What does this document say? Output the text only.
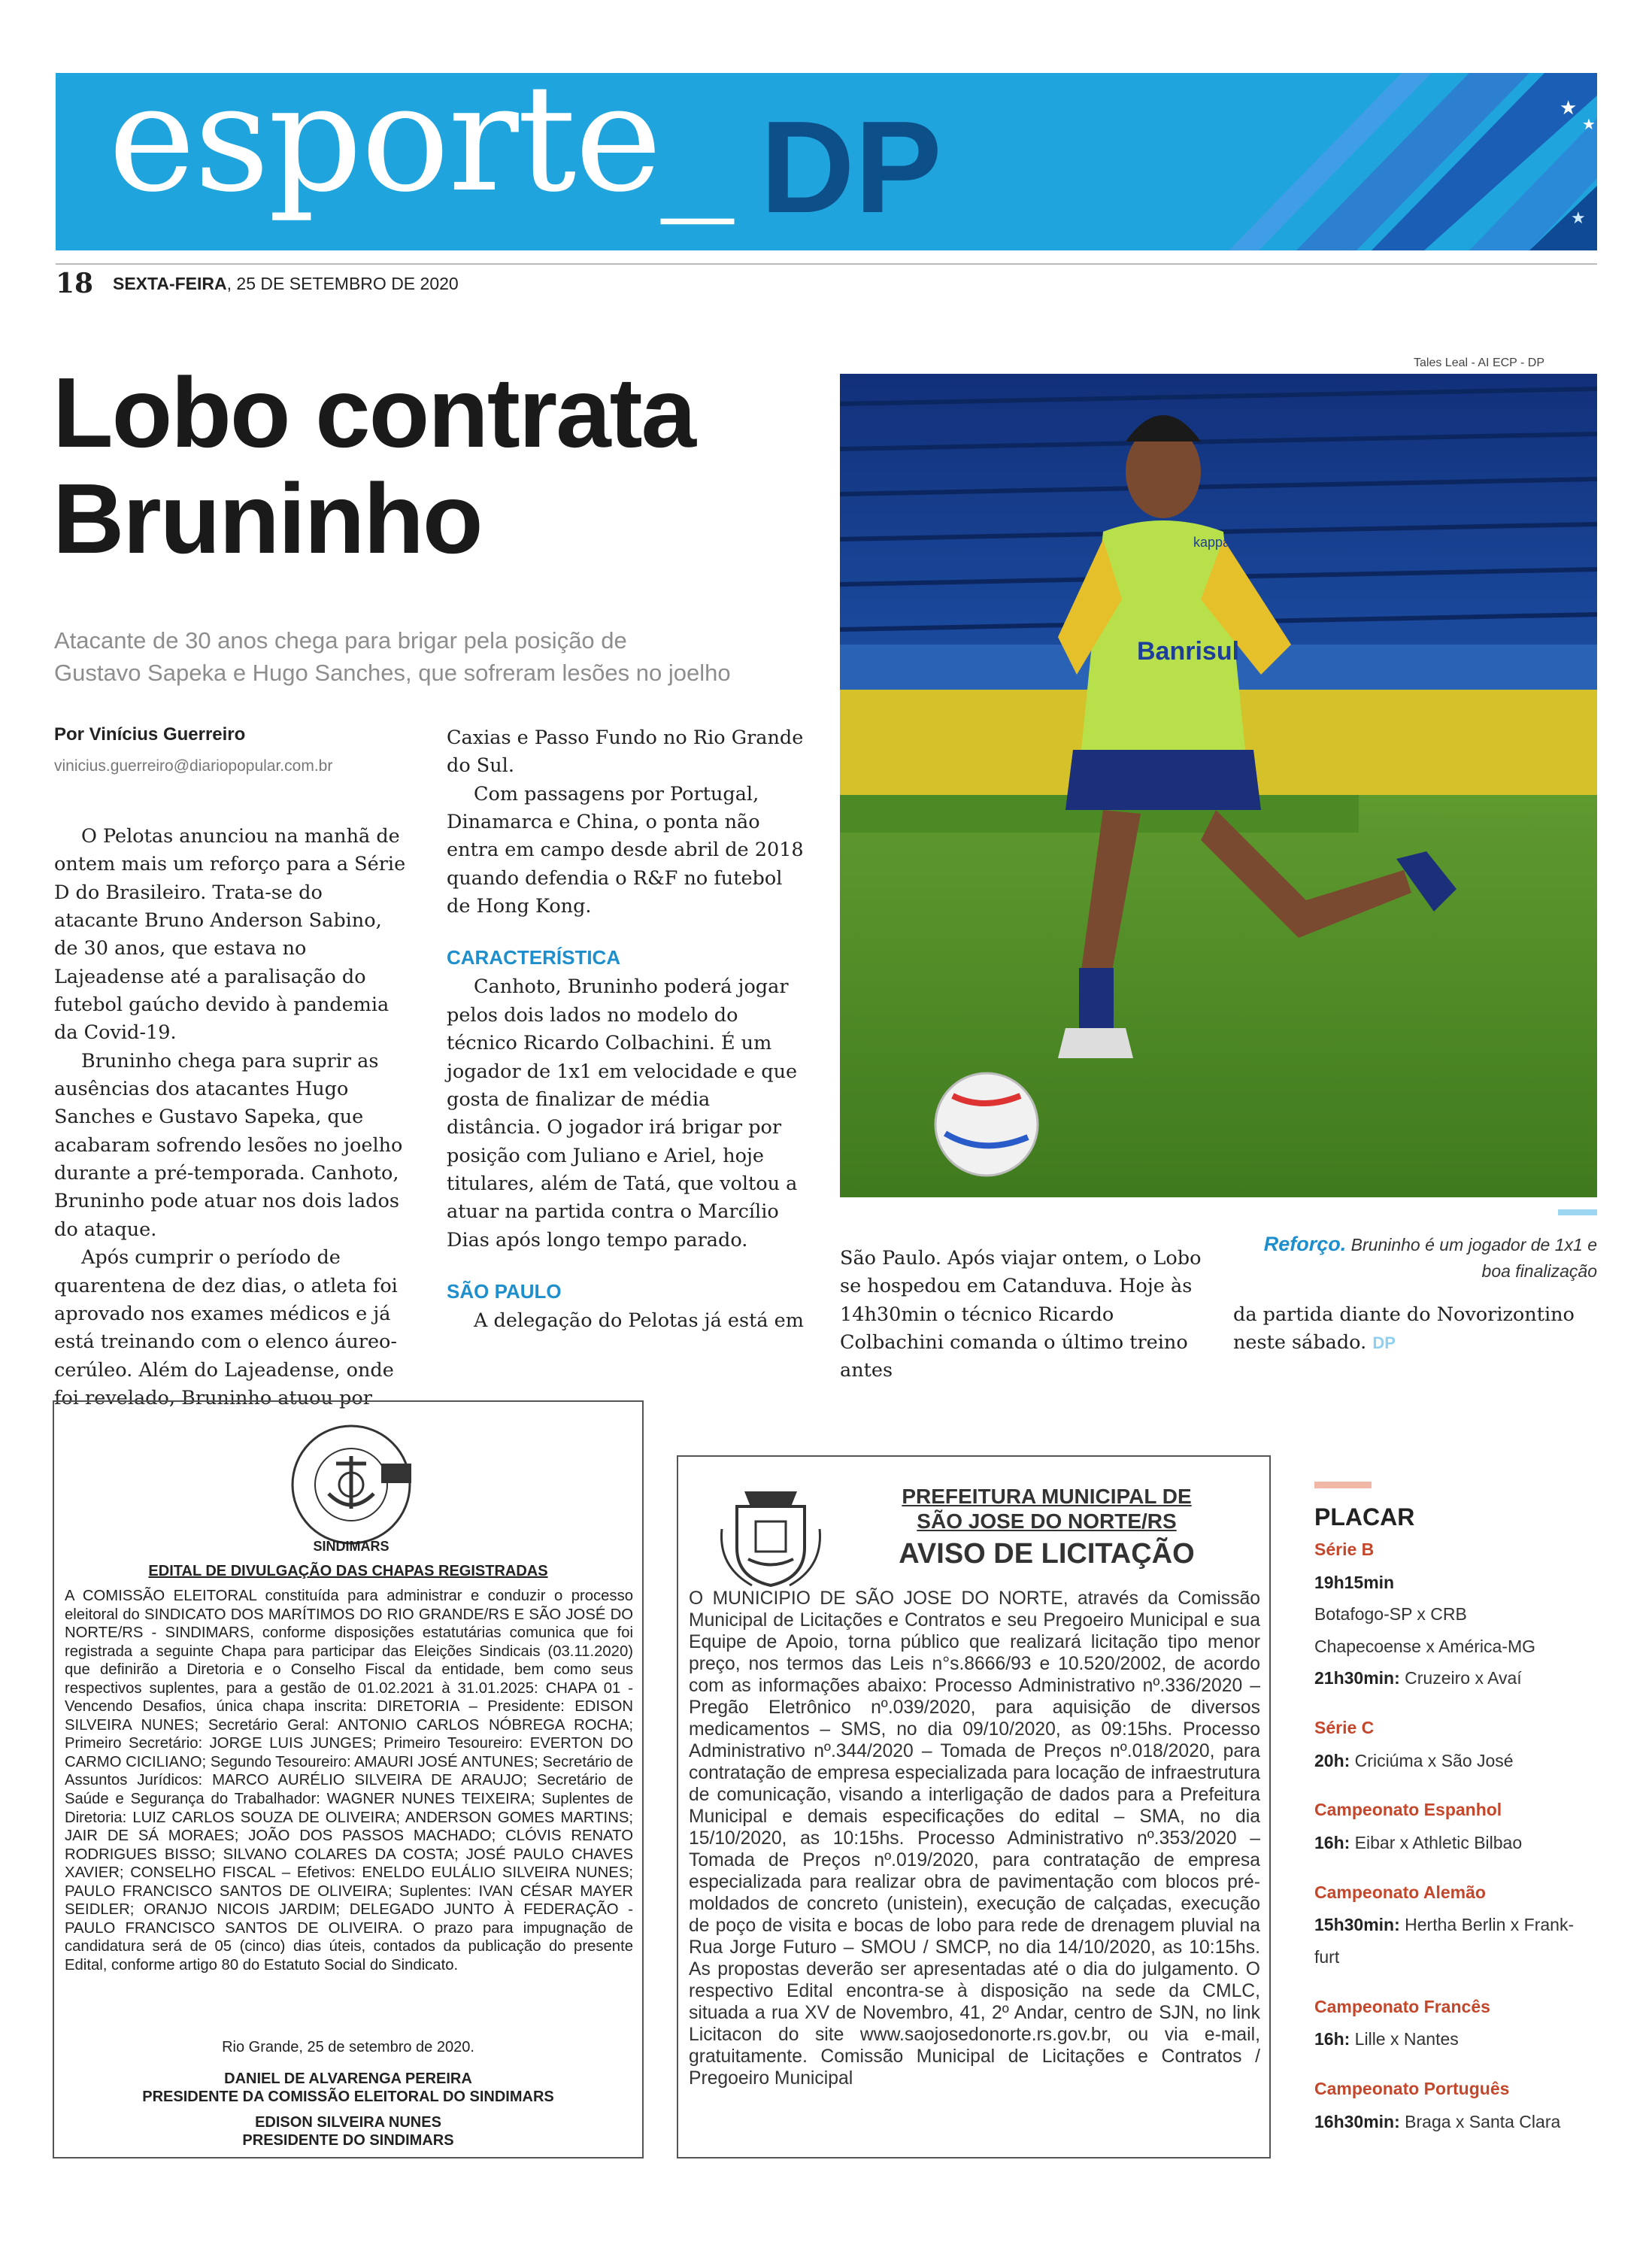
★
★
★
esporte_ DP
18 SEXTA-FEIRA, 25 DE SETEMBRO DE 2020
Tales Leal - AI ECP - DP
Lobo contrata
Bruninho
Atacante de 30 anos chega para brigar pela posição de
Gustavo Sapeka e Hugo Sanches, que sofreram lesões no joelho
Por Vinícius Guerreiro
vinicius.guerreiro@diariopopular.com.br

O Pelotas anunciou na manhã de ontem mais um reforço para a Série D do Brasileiro. Trata-se do atacante Bruno Anderson Sabino, de 30 anos, que estava no Lajeadense até a paralisação do futebol gaúcho devido à pandemia da Covid-19.

Bruninho chega para suprir as ausências dos atacantes Hugo Sanches e Gustavo Sapeka, que acabaram sofrendo lesões no joelho durante a pré-temporada. Canhoto, Bruninho pode atuar nos dois lados do ataque.

Após cumprir o período de quarentena de dez dias, o atleta foi aprovado nos exames médicos e já está treinando com o elenco áureo-cerúleo. Além do Lajeadense, onde foi revelado, Bruninho atuou por

Caxias e Passo Fundo no Rio Grande do Sul.

Com passagens por Portugal, Dinamarca e China, o ponta não entra em campo desde abril de 2018 quando defendia o R&F no futebol de Hong Kong.

CARACTERÍSTICA

Canhoto, Bruninho poderá jogar pelos dois lados no modelo do técnico Ricardo Colbachini. É um jogador de 1x1 em velocidade e que gosta de finalizar de média distância. O jogador irá brigar por posição com Juliano e Ariel, hoje titulares, além de Tatá, que voltou a atuar na partida contra o Marcílio Dias após longo tempo parado.

SÃO PAULO

A delegação do Pelotas já está em

São Paulo. Após viajar ontem, o Lobo se hospedou em Catanduva. Hoje às 14h30min o técnico Ricardo Colbachini comanda o último treino antes

da partida diante do Novorizontino neste sábado. DP

Banrisul
kappa
Reforço. Bruninho é um jogador de 1x1 e boa finalização
SINDIMARS
EDITAL DE DIVULGAÇÃO DAS CHAPAS REGISTRADAS
A COMISSÃO ELEITORAL constituída para administrar e conduzir o processo eleitoral do SINDICATO DOS MARÍTIMOS DO RIO GRANDE/RS E SÃO JOSÉ DO NORTE/RS - SINDIMARS, conforme disposições estatutárias comunica que foi registrada a seguinte Chapa para participar das Eleições Sindicais (03.11.2020) que definirão a Diretoria e o Conselho Fiscal da entidade, bem como seus respectivos suplentes, para a gestão de 01.02.2021 à 31.01.2025: CHAPA 01 - Vencendo Desafios, única chapa inscrita: DIRETORIA – Presidente: EDISON SILVEIRA NUNES; Secretário Geral: ANTONIO CARLOS NÓBREGA ROCHA; Primeiro Secretário: JORGE LUIS JUNGES; Primeiro Tesoureiro: EVERTON DO CARMO CICILIANO; Segundo Tesoureiro: AMAURI JOSÉ ANTUNES; Secretário de Assuntos Jurídicos: MARCO AURÉLIO SILVEIRA DE ARAUJO; Secretário de Saúde e Segurança do Trabalhador: WAGNER NUNES TEIXEIRA; Suplentes de Diretoria: LUIZ CARLOS SOUZA DE OLIVEIRA; ANDERSON GOMES MARTINS; JAIR DE SÁ MORAES; JOÃO DOS PASSOS MACHADO; CLÓVIS RENATO RODRIGUES BISSO; SILVANO COLARES DA COSTA; JOSÉ PAULO CHAVES XAVIER; CONSELHO FISCAL – Efetivos: ENELDO EULÁLIO SILVEIRA NUNES; PAULO FRANCISCO SANTOS DE OLIVEIRA; Suplentes: IVAN CÉSAR MAYER SEIDLER; ORANJO NICOIS JARDIM; DELEGADO JUNTO À FEDERAÇÃO - PAULO FRANCISCO SANTOS DE OLIVEIRA. O prazo para impugnação de candidatura será de 05 (cinco) dias úteis, contados da publicação do presente Edital, conforme artigo 80 do Estatuto Social do Sindicato.
Rio Grande, 25 de setembro de 2020.
DANIEL DE ALVARENGA PEREIRA
PRESIDENTE DA COMISSÃO ELEITORAL DO SINDIMARS
EDISON SILVEIRA NUNES
PRESIDENTE DO SINDIMARS
PREFEITURA MUNICIPAL DE
SÃO JOSE DO NORTE/RS
AVISO DE LICITAÇÃO
O MUNICIPIO DE SÃO JOSE DO NORTE, através da Comissão Municipal de Licitações e Contratos e seu Pregoeiro Municipal e sua Equipe de Apoio, torna público que realizará licitação tipo menor preço, nos termos das Leis n°s.8666/93 e 10.520/2002, de acordo com as informações abaixo: Processo Administrativo nº.336/2020 – Pregão Eletrônico nº.039/2020, para aquisição de diversos medicamentos – SMS, no dia 09/10/2020, as 09:15hs. Processo Administrativo nº.344/2020 – Tomada de Preços nº.018/2020, para contratação de empresa especializada para locação de infraestrutura de comunicação, visando a interligação de dados para a Prefeitura Municipal e demais especificações do edital – SMA, no dia 15/10/2020, as 10:15hs. Processo Administrativo nº.353/2020 – Tomada de Preços nº.019/2020, para contratação de empresa especializada para realizar obra de pavimentação com blocos pré-moldados de concreto (unistein), execução de calçadas, execução de poço de visita e bocas de lobo para rede de drenagem pluvial na Rua Jorge Futuro – SMOU / SMCP, no dia 14/10/2020, as 10:15hs. As propostas deverão ser apresentadas até o dia do julgamento. O respectivo Edital encontra-se à disposição na sede da CMLC, situada a rua XV de Novembro, 41, 2º Andar, centro de SJN, no link Licitacon do site www.saojosedonorte.rs.gov.br, ou via e-mail, gratuitamente. Comissão Municipal de Licitações e Contratos / Pregoeiro Municipal
PLACAR
Série B
19h15min
Botafogo-SP x CRB
Chapecoense x América-MG
21h30min: Cruzeiro x Avaí
Série C
20h: Criciúma x São José
Campeonato Espanhol
16h: Eibar x Athletic Bilbao
Campeonato Alemão
15h30min: Hertha Berlin x Frank-
furt
Campeonato Francês
16h: Lille x Nantes
Campeonato Português
16h30min: Braga x Santa Clara
